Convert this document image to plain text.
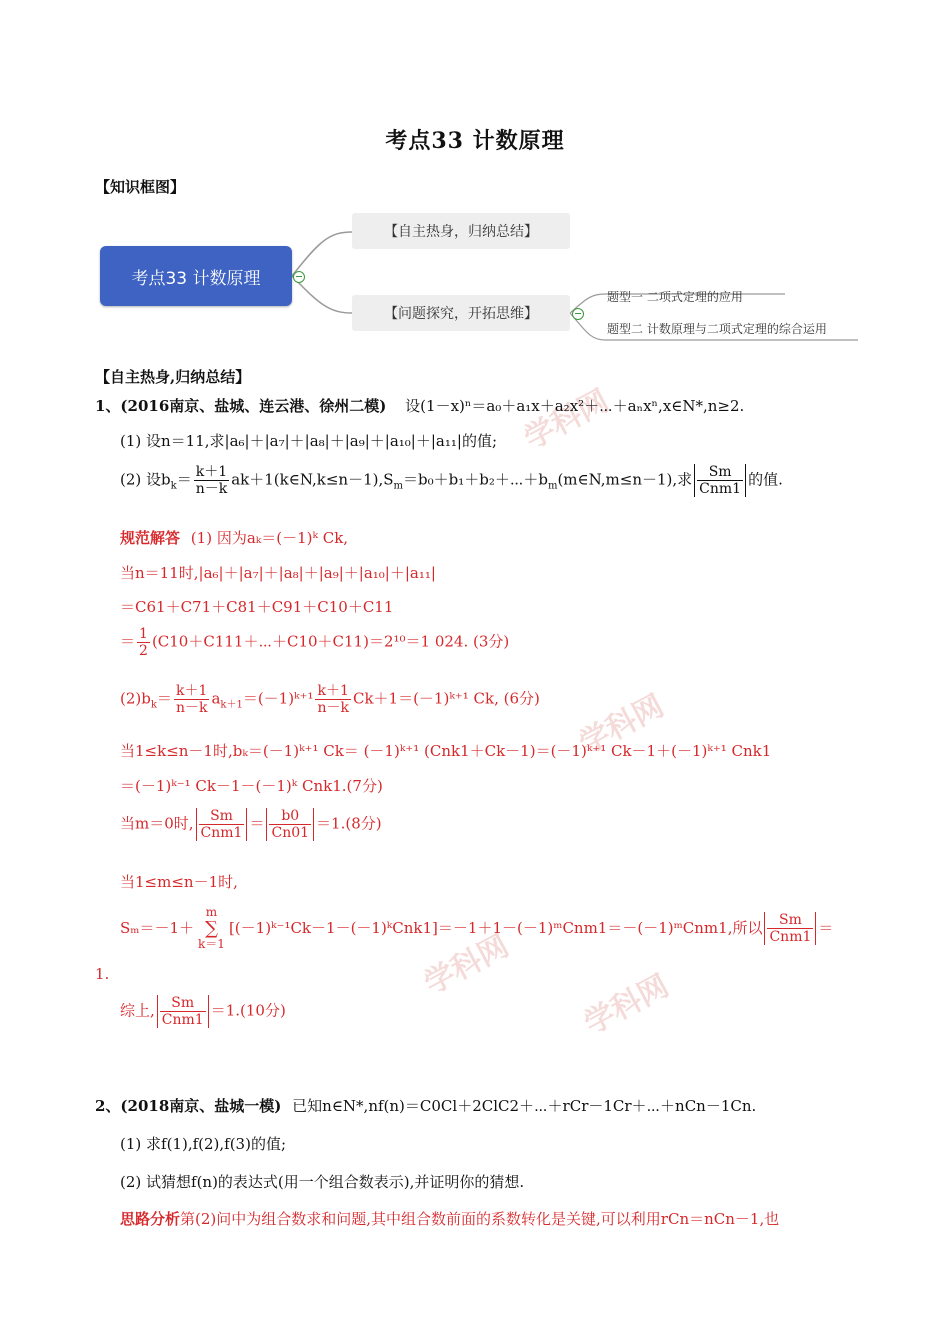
学科网
学科网
学科网
学科网
考点33 计数原理
【知识框图】
考点33 计数原理
【自主热身，归纳总结】
【问题探究，开拓思维】
题型一 二项式定理的应用
题型二 计数原理与二项式定理的综合运用
【自主热身,归纳总结】
1、(2016南京、盐城、连云港、徐州二模) 设(1－x)ⁿ＝a₀＋a₁x＋a₂x²＋⋯＋aₙxⁿ,x∈N*,n≥2.
(1) 设n＝11,求|a₆|＋|a₇|＋|a₈|＋|a₉|＋|a₁₀|＋|a₁₁|的值;
(2) 设$b_k= \frac{k+1}{n-k}$ $ak+1(k\in N,k\le n-1),S_m=b_0+b_1+b_2+\cdots+b_m(m\in N,m\le n-1)$,求 $\frac{Sm}{\text{Cnm1}}$ 的值.
规范解答 (1) 因为aₖ＝(－1)ᵏ Ck,
当n＝11时,|a₆|＋|a₇|＋|a₈|＋|a₉|＋|a₁₀|＋|a₁₁|
＝C61＋C71＋C81＋C91＋C10＋C11
＝ $\frac{1}{2}$ (C10＋C111＋⋯＋C10＋C11)＝2¹⁰＝1 024. (3分)
$(2)b_k= \frac{k+1}{n-k}$ $a_{k+1}=(-1)ᵏ^{+1} \frac{k+1}{n-k}$ Ck＋1＝(－1)ᵏ⁺¹ Ck, (6分)
当1≤k≤n－1时,bₖ＝(－1)ᵏ⁺¹ Ck＝ (－1)ᵏ⁺¹ (Cnk1＋Ck－1)＝(－1)ᵏ⁺¹ Ck－1＋(－1)ᵏ⁺¹ Cnk1
＝(－1)ᵏ⁻¹ Ck－1－(－1)ᵏ Cnk1.(7分)
当m＝0时, $\frac{Sm}{\text{Cnm1}} = \frac{b0}{Cn01} =1.(8$分)
当1≤m≤n－1时,
Sₘ＝－1＋
m
∑
k＝1
[(－1)ᵏ⁻¹Ck－1－(－1)ᵏCnk1]＝－1＋1－(－1)ᵐCnm1＝－(－1)ᵐCnm1,所以 $\frac{Sm}{\text{Cnm1}}$ ＝
1.
综上, $\frac{Sm}{\text{Cnm1}} =1.(10$分)
2、(2018南京、盐城一模) 已知n∈N*,nf(n)＝C0Cl＋2ClC2＋⋯＋rCr－1Cr＋⋯＋nCn－1Cn.
(1) 求f(1),f(2),f(3)的值;
(2) 试猜想f(n)的表达式(用一个组合数表示),并证明你的猜想.
思路分析第(2)问中为组合数求和问题,其中组合数前面的系数转化是关键,可以利用rCn＝nCn－1,也
